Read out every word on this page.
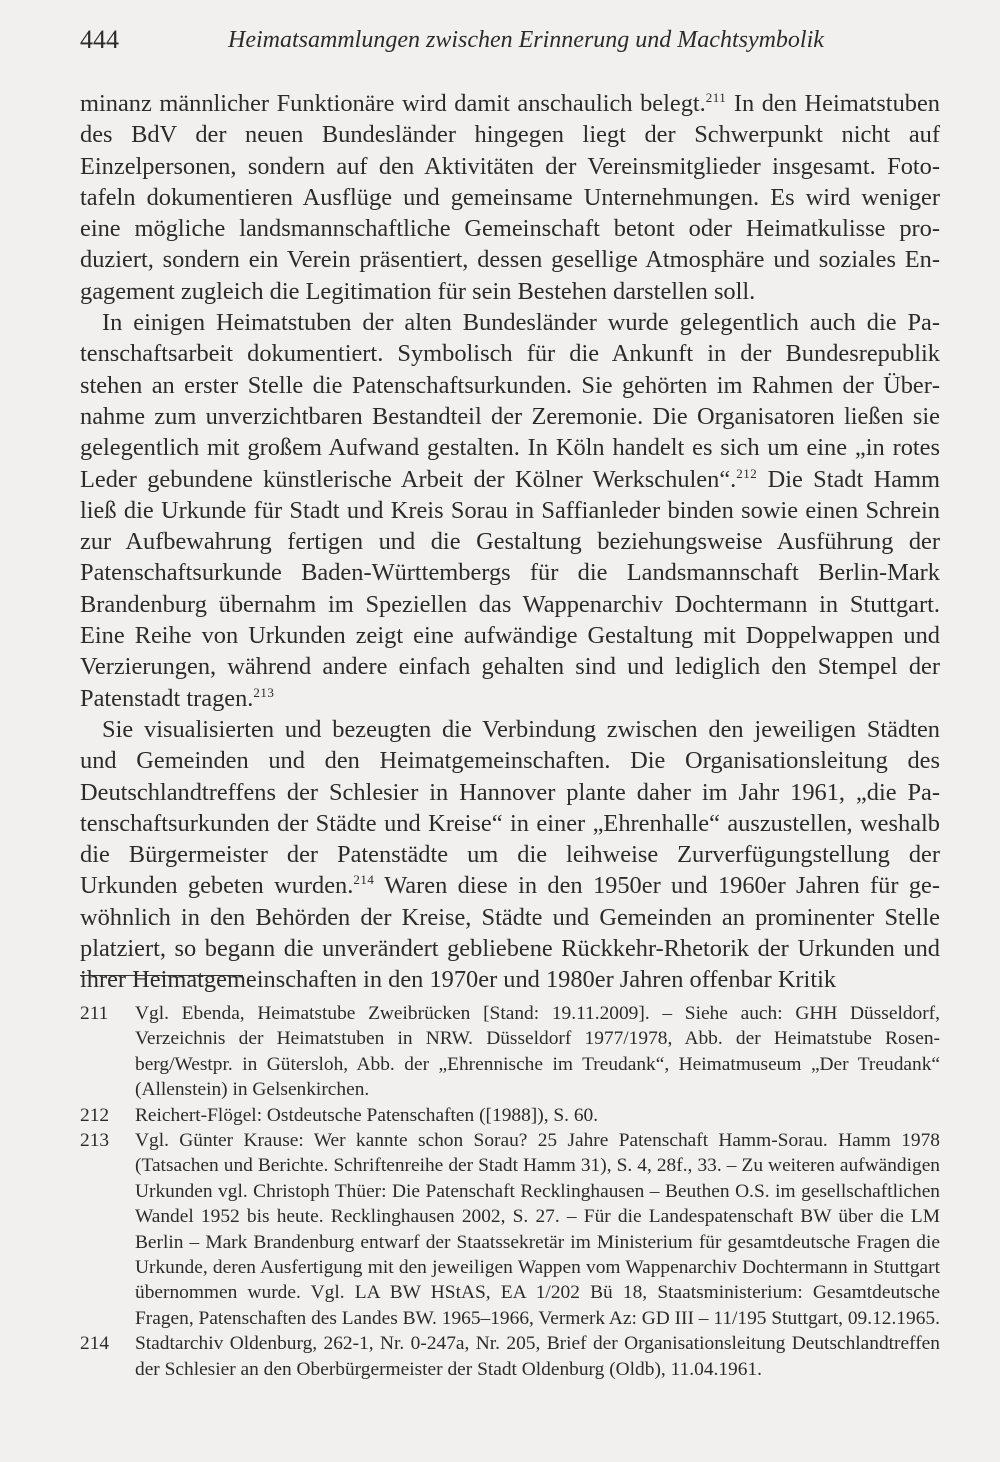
444	Heimatsammlungen zwischen Erinnerung und Machtsymbolik

minanz männlicher Funktionäre wird damit anschaulich belegt.$^{211}$ In den Heimatstuben des BdV der neuen Bundesländer hingegen liegt der Schwerpunkt nicht auf Einzelpersonen, sondern auf den Aktivitäten der Vereinsmitglieder insgesamt. Fototafeln dokumentieren Ausflüge und gemeinsame Unternehmungen. Es wird weniger eine mögliche landsmannschaftliche Gemeinschaft betont oder Heimatkulisse produziert, sondern ein Verein präsentiert, dessen gesellige Atmosphäre und soziales Engagement zugleich die Legitimation für sein Bestehen darstellen soll.

In einigen Heimatstuben der alten Bundesländer wurde gelegentlich auch die Patenschaftsarbeit dokumentiert. Symbolisch für die Ankunft in der Bundesrepublik stehen an erster Stelle die Patenschaftsurkunden. Sie gehörten im Rahmen der Übernahme zum unverzichtbaren Bestandteil der Zeremonie. Die Organisatoren ließen sie gelegentlich mit großem Aufwand gestalten. In Köln handelt es sich um eine „in rotes Leder gebundene künstlerische Arbeit der Kölner Werkschulen“.$^{212}$ Die Stadt Hamm ließ die Urkunde für Stadt und Kreis Sorau in Saffianleder binden sowie einen Schrein zur Aufbewahrung fertigen und die Gestaltung beziehungsweise Ausführung der Patenschaftsurkunde Baden-Württembergs für die Landsmannschaft Berlin-Mark Brandenburg übernahm im Speziellen das Wappenarchiv Dochtermann in Stuttgart. Eine Reihe von Urkunden zeigt eine aufwändige Gestaltung mit Doppelwappen und Verzierungen, während andere einfach gehalten sind und lediglich den Stempel der Patenstadt tragen.$^{213}$

Sie visualisierten und bezeugten die Verbindung zwischen den jeweiligen Städten und Gemeinden und den Heimatgemeinschaften. Die Organisationsleitung des Deutschlandtreffens der Schlesier in Hannover plante daher im Jahr 1961, „die Patenschaftsurkunden der Städte und Kreise“ in einer „Ehrenhalle“ auszustellen, weshalb die Bürgermeister der Patenstädte um die leihweise Zurverfügungstellung der Urkunden gebeten wurden.$^{214}$ Waren diese in den 1950er und 1960er Jahren für gewöhnlich in den Behörden der Kreise, Städte und Gemeinden an prominenter Stelle platziert, so begann die unverändert gebliebene Rückkehr-Rhetorik der Urkunden und ihrer Heimatgemeinschaften in den 1970er und 1980er Jahren offenbar Kritik

211 Vgl. Ebenda, Heimatstube Zweibrücken [Stand: 19.11.2009]. – Siehe auch: GHH Düsseldorf, Verzeichnis der Heimatstuben in NRW. Düsseldorf 1977/1978, Abb. der Heimatstube Rosenberg/Westpr. in Gütersloh, Abb. der „Ehrennische im Treudank“, Heimatmuseum „Der Treudank“ (Allenstein) in Gelsenkirchen.

212 Reichert-Flögel: Ostdeutsche Patenschaften ([1988]), S. 60.

213 Vgl. Günter Krause: Wer kannte schon Sorau? 25 Jahre Patenschaft Hamm-Sorau. Hamm 1978 (Tatsachen und Berichte. Schriftenreihe der Stadt Hamm 31), S. 4, 28f., 33. – Zu weiteren aufwändigen Urkunden vgl. Christoph Thüer: Die Patenschaft Recklinghausen – Beuthen O.S. im gesellschaftlichen Wandel 1952 bis heute. Recklinghausen 2002, S. 27. – Für die Landespatenschaft BW über die LM Berlin – Mark Brandenburg entwarf der Staatssekretär im Ministerium für gesamtdeutsche Fragen die Urkunde, deren Ausfertigung mit den jeweiligen Wappen vom Wappenarchiv Dochtermann in Stuttgart übernommen wurde. Vgl. LA BW HStAS, EA 1/202 Bü 18, Staatsministerium: Gesamtdeutsche Fragen, Patenschaften des Landes BW. 1965–1966, Vermerk Az: GD III – 11/195 Stuttgart, 09.12.1965.

214 Stadtarchiv Oldenburg, 262-1, Nr. 0-247a, Nr. 205, Brief der Organisationsleitung Deutschlandtreffen der Schlesier an den Oberbürgermeister der Stadt Oldenburg (Oldb), 11.04.1961.
